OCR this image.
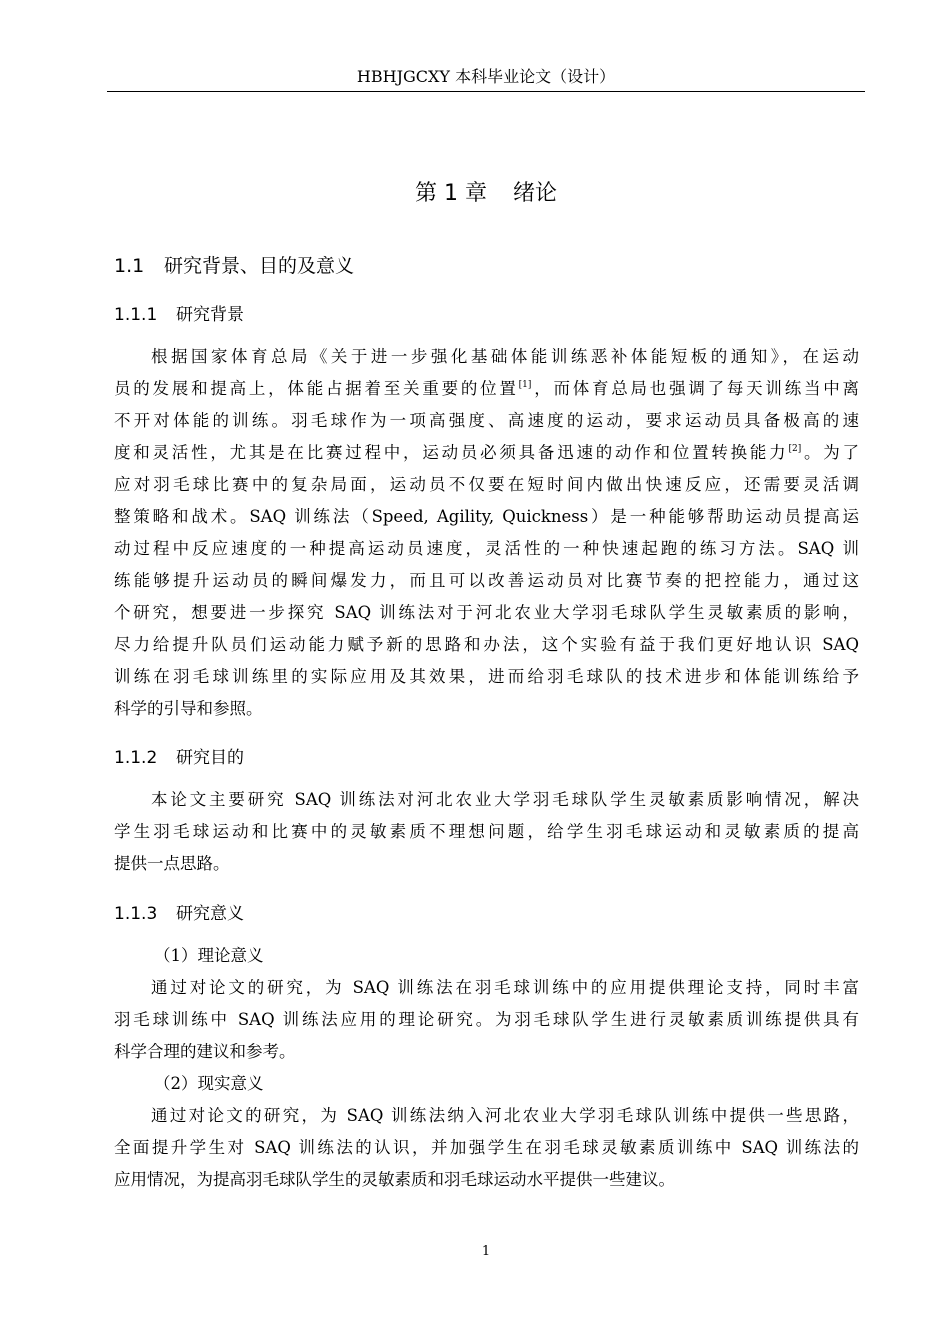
HBHJGCXY 本科毕业论文（设计）
第 1 章 绪论
1.1 研究背景、目的及意义
1.1.1 研究背景
根据国家体育总局《关于进一步强化基础体能训练恶补体能短板的通知》，在运动
员的发展和提高上，体能占据着至关重要的位置[1]，而体育总局也强调了每天训练当中离
不开对体能的训练。羽毛球作为一项高强度、高速度的运动，要求运动员具备极高的速
度和灵活性，尤其是在比赛过程中，运动员必须具备迅速的动作和位置转换能力[2]。为了
应对羽毛球比赛中的复杂局面，运动员不仅要在短时间内做出快速反应，还需要灵活调
整策略和战术。SAQ 训练法（Speed, Agility, Quickness）是一种能够帮助运动员提高运
动过程中反应速度的一种提高运动员速度，灵活性的一种快速起跑的练习方法。SAQ 训
练能够提升运动员的瞬间爆发力，而且可以改善运动员对比赛节奏的把控能力，通过这
个研究，想要进一步探究 SAQ 训练法对于河北农业大学羽毛球队学生灵敏素质的影响，
尽力给提升队员们运动能力赋予新的思路和办法，这个实验有益于我们更好地认识 SAQ
训练在羽毛球训练里的实际应用及其效果，进而给羽毛球队的技术进步和体能训练给予
科学的引导和参照。
1.1.2 研究目的
本论文主要研究 SAQ 训练法对河北农业大学羽毛球队学生灵敏素质影响情况，解决
学生羽毛球运动和比赛中的灵敏素质不理想问题，给学生羽毛球运动和灵敏素质的提高
提供一点思路。
1.1.3 研究意义
（1）理论意义
通过对论文的研究，为 SAQ 训练法在羽毛球训练中的应用提供理论支持，同时丰富
羽毛球训练中 SAQ 训练法应用的理论研究。为羽毛球队学生进行灵敏素质训练提供具有
科学合理的建议和参考。
（2）现实意义
通过对论文的研究，为 SAQ 训练法纳入河北农业大学羽毛球队训练中提供一些思路，
全面提升学生对 SAQ 训练法的认识，并加强学生在羽毛球灵敏素质训练中 SAQ 训练法的
应用情况，为提高羽毛球队学生的灵敏素质和羽毛球运动水平提供一些建议。
1
